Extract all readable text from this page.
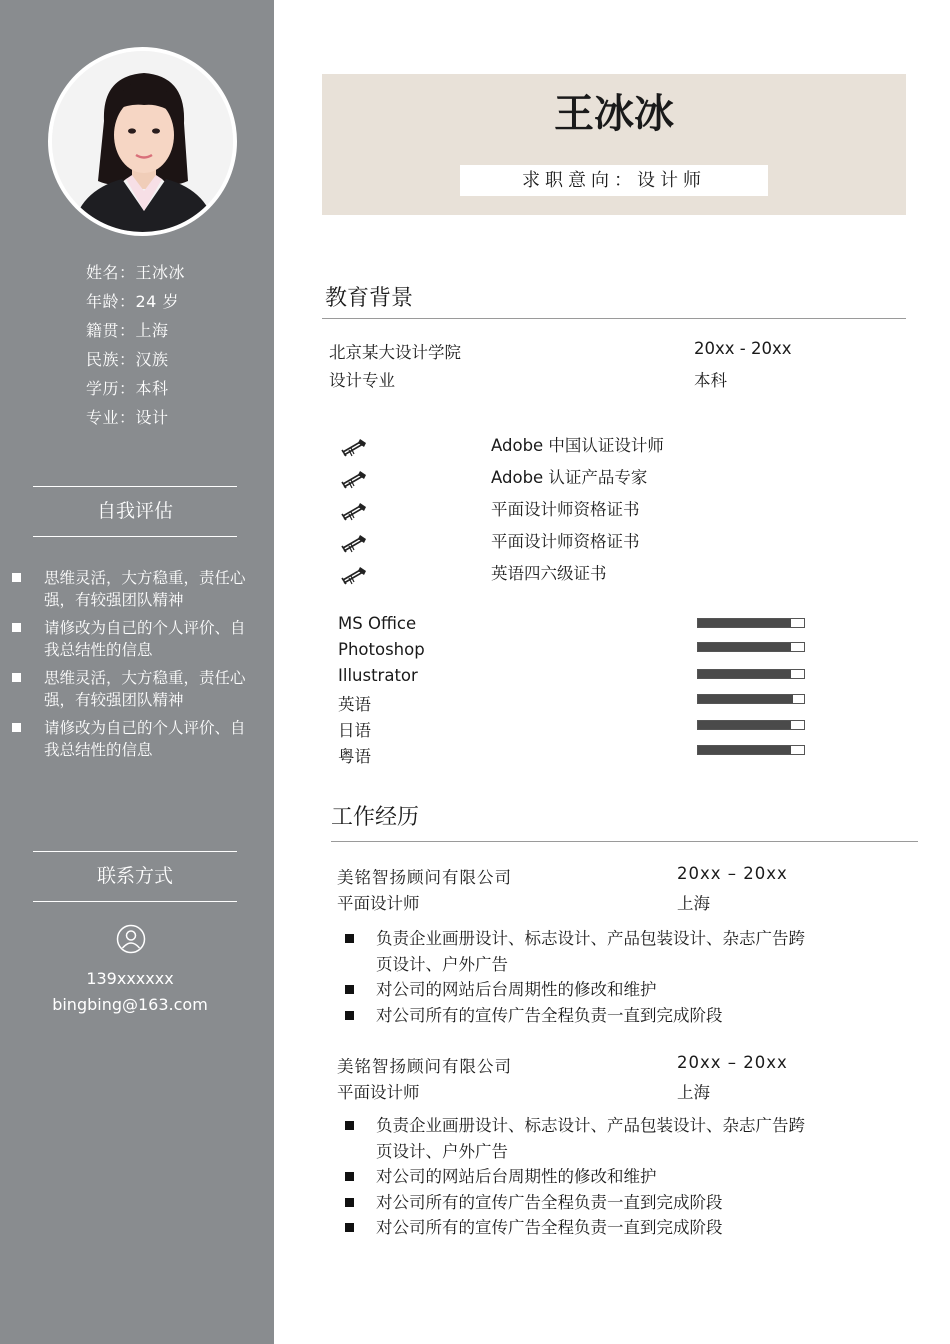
姓名：王冰冰
年龄：24 岁
籍贯：上海
民族：汉族
学历：本科
专业：设计
自我评估
思维灵活，大方稳重，责任心强，有较强团队精神
请修改为自己的个人评价、自我总结性的信息
思维灵活，大方稳重，责任心强，有较强团队精神
请修改为自己的个人评价、自我总结性的信息
联系方式
139xxxxxx
bingbing@163.com
王冰冰
求职意向：设计师
教育背景
北京某大设计学院	20xx - 20xx
设计专业	本科
Adobe 中国认证设计师
Adobe 认证产品专家
平面设计师资格证书
平面设计师资格证书
英语四六级证书
MS Office
Photoshop
Illustrator
英语
日语
粤语
工作经历
美铭智扬顾问有限公司	20xx – 20xx
平面设计师	上海
负责企业画册设计、标志设计、产品包装设计、杂志广告跨页设计、户外广告
对公司的网站后台周期性的修改和维护
对公司所有的宣传广告全程负责一直到完成阶段
美铭智扬顾问有限公司	20xx – 20xx
平面设计师	上海
负责企业画册设计、标志设计、产品包装设计、杂志广告跨页设计、户外广告
对公司的网站后台周期性的修改和维护
对公司所有的宣传广告全程负责一直到完成阶段
对公司所有的宣传广告全程负责一直到完成阶段
